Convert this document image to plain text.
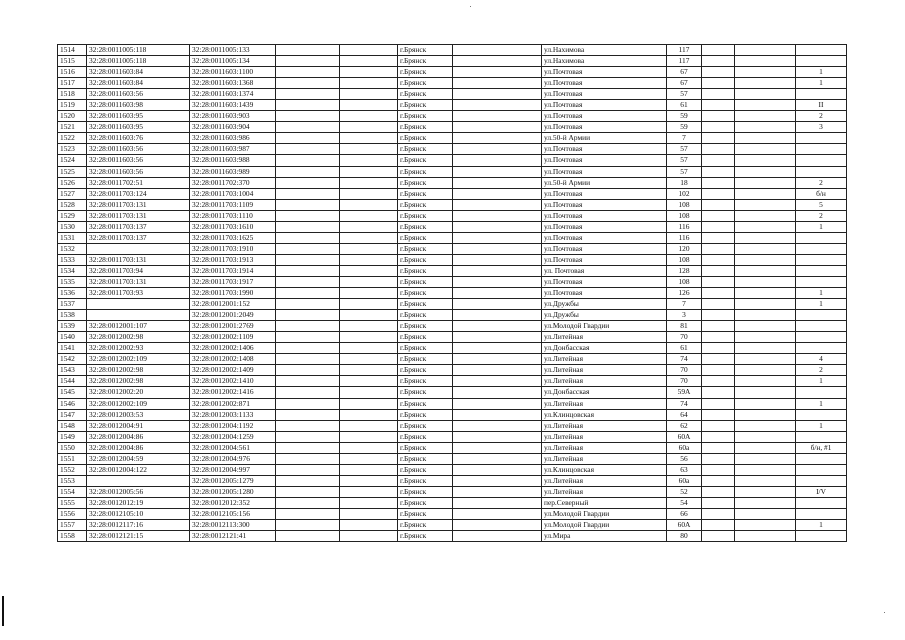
1514	32:28:0011005:118	32:28:0011005:133			г.Брянск		ул.Нахимова	117			
1515	32:28:0011005:118	32:28:0011005:134			г.Брянск		ул.Нахимова	117			
1516	32:28:0011603:84	32:28:0011603:1100			г.Брянск		ул.Почтовая	67			1
1517	32:28:0011603:84	32:28:0011603:1368			г.Брянск		ул.Почтовая	67			1
1518	32:28:0011603:56	32:28:0011603:1374			г.Брянск		ул.Почтовая	57			
1519	32:28:0011603:98	32:28:0011603:1439			г.Брянск		ул.Почтовая	61			II
1520	32:28:0011603:95	32:28:0011603:903			г.Брянск		ул.Почтовая	59			2
1521	32:28:0011603:95	32:28:0011603:904			г.Брянск		ул.Почтовая	59			3
1522	32:28:0011603:76	32:28:0011603:986			г.Брянск		ул.50-й Армии	7			
1523	32:28:0011603:56	32:28:0011603:987			г.Брянск		ул.Почтовая	57			
1524	32:28:0011603:56	32:28:0011603:988			г.Брянск		ул.Почтовая	57			
1525	32:28:0011603:56	32:28:0011603:989			г.Брянск		ул.Почтовая	57			
1526	32:28:0011702:51	32:28:0011702:370			г.Брянск		ул.50-й Армии	18			2
1527	32:28:0011703:124	32:28:0011703:1004			г.Брянск		ул.Почтовая	102			б/н
1528	32:28:0011703:131	32:28:0011703:1109			г.Брянск		ул.Почтовая	108			5
1529	32:28:0011703:131	32:28:0011703:1110			г.Брянск		ул.Почтовая	108			2
1530	32:28:0011703:137	32:28:0011703:1610			г.Брянск		ул.Почтовая	116			1
1531	32:28:0011703:137	32:28:0011703:1625			г.Брянск		ул.Почтовая	116			
1532		32:28:0011703:1910			г.Брянск		ул.Почтовая	120			
1533	32:28:0011703:131	32:28:0011703:1913			г.Брянск		ул.Почтовая	108			
1534	32:28:0011703:94	32:28:0011703:1914			г.Брянск		ул. Почтовая	128			
1535	32:28:0011703:131	32:28:0011703:1917			г.Брянск		ул.Почтовая	108			
1536	32:28:0011703:93	32:28:0011703:1990			г.Брянск		ул.Почтовая	126			1
1537		32:28:0012001:152			г.Брянск		ул.Дружбы	7			1
1538		32:28:0012001:2049			г.Брянск		ул.Дружбы	3			
1539	32:28:0012001:107	32:28:0012001:2769			г.Брянск		ул.Молодой Гвардии	81			
1540	32:28:0012002:98	32:28:0012002:1109			г.Брянск		ул.Литейная	70			
1541	32:28:0012002:93	32:28:0012002:1406			г.Брянск		ул.Донбасская	61			
1542	32:28:0012002:109	32:28:0012002:1408			г.Брянск		ул.Литейная	74			4
1543	32:28:0012002:98	32:28:0012002:1409			г.Брянск		ул.Литейная	70			2
1544	32:28:0012002:98	32:28:0012002:1410			г.Брянск		ул.Литейная	70			1
1545	32:28:0012002:20	32:28:0012002:1416			г.Брянск		ул.Донбасская	59А			
1546	32:28:0012002:109	32:28:0012002:871			г.Брянск		ул.Литейная	74			1
1547	32:28:0012003:53	32:28:0012003:1133			г.Брянск		ул.Клинцовская	64			
1548	32:28:0012004:91	32:28:0012004:1192			г.Брянск		ул.Литейная	62			1
1549	32:28:0012004:86	32:28:0012004:1259			г.Брянск		ул.Литейная	60А			
1550	32:28:0012004:86	32:28:0012004:561			г.Брянск		ул.Литейная	60а			б/н, #1
1551	32:28:0012004:59	32:28:0012004:976			г.Брянск		ул.Литейная	56			
1552	32:28:0012004:122	32:28:0012004:997			г.Брянск		ул.Клинцовская	63			
1553		32:28:0012005:1279			г.Брянск		ул.Литейная	60а			
1554	32:28:0012005:56	32:28:0012005:1280			г.Брянск		ул.Литейная	52			I/V
1555	32:28:0012012:19	32:28:0012012:352			г.Брянск		пер.Северный	54			
1556	32:28:0012105:10	32:28:0012105:156			г.Брянск		ул.Молодой Гвардии	66			
1557	32:28:0012117:16	32:28:0012113:300			г.Брянск		ул.Молодой Гвардии	60А			1
1558	32:28:0012121:15	32:28:0012121:41			г.Брянск		ул.Мира	80			
